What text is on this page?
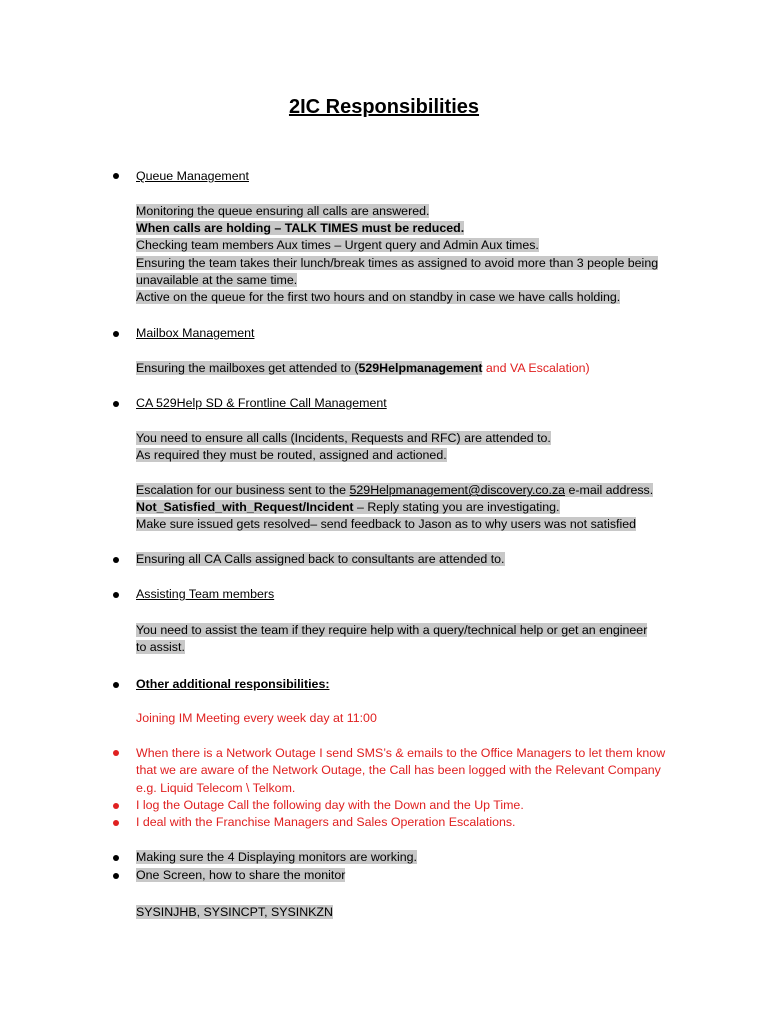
2IC Responsibilities
Queue Management
Monitoring the queue ensuring all calls are answered.
When calls are holding – TALK TIMES must be reduced.
Checking team members Aux times – Urgent query and Admin Aux times.
Ensuring the team takes their lunch/break times as assigned to avoid more than 3 people being
unavailable at the same time.
Active on the queue for the first two hours and on standby in case we have calls holding.
Mailbox Management
Ensuring the mailboxes get attended to (529Helpmanagement and VA Escalation)
CA 529Help SD & Frontline Call Management
You need to ensure all calls (Incidents, Requests and RFC) are attended to.
As required they must be routed, assigned and actioned.
Escalation for our business sent to the 529Helpmanagement@discovery.co.za e-mail address.
Not_Satisfied_with_Request/Incident – Reply stating you are investigating.
Make sure issued gets resolved– send feedback to Jason as to why users was not satisfied
Ensuring all CA Calls assigned back to consultants are attended to.
Assisting Team members
You need to assist the team if they require help with a query/technical help or get an engineer
to assist.
Other additional responsibilities:
Joining IM Meeting every week day at 11:00
When there is a Network Outage I send SMS’s & emails to the Office Managers to let them know
that we are aware of the Network Outage, the Call has been logged with the Relevant Company
e.g. Liquid Telecom \ Telkom.
I log the Outage Call the following day with the Down and the Up Time.
I deal with the Franchise Managers and Sales Operation Escalations.
Making sure the 4 Displaying monitors are working.
One Screen, how to share the monitor
SYSINJHB, SYSINCPT, SYSINKZN
